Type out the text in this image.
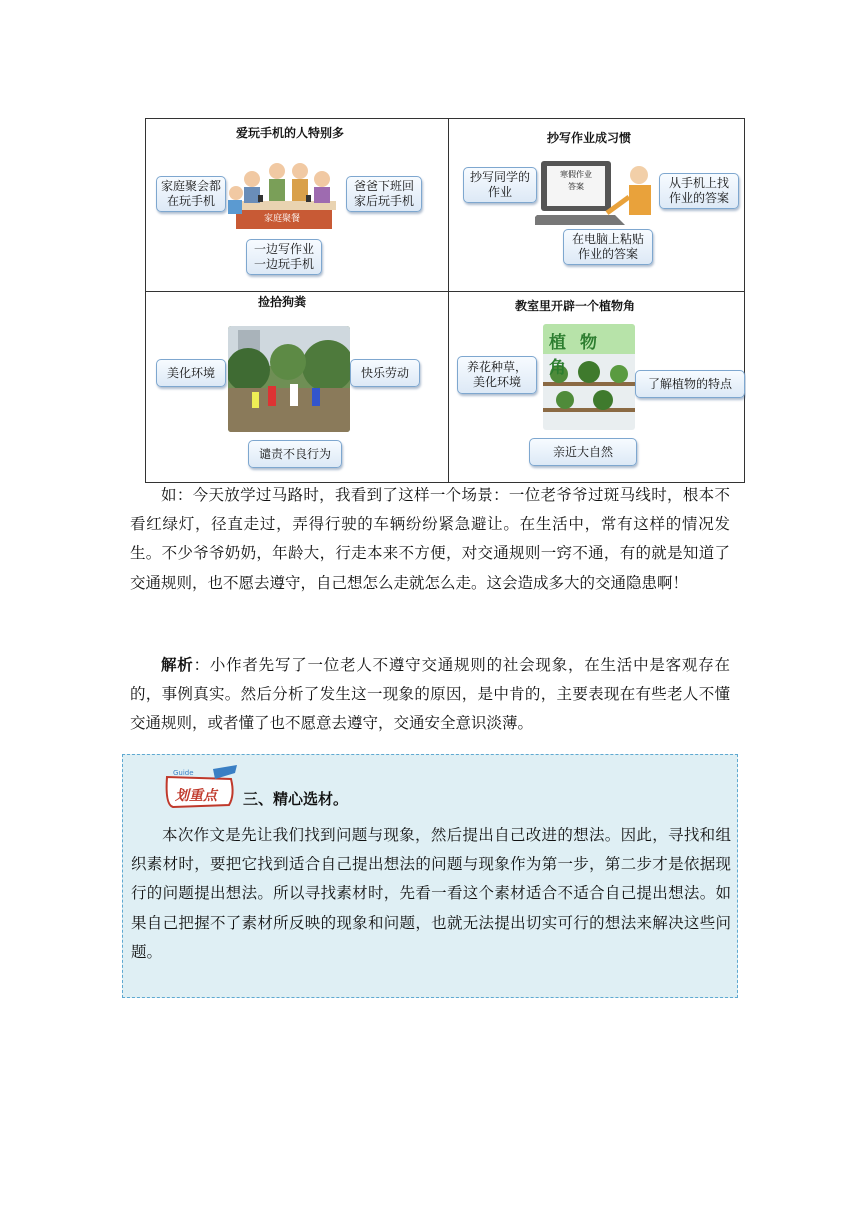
爱玩手机的人特别多
家庭聚餐
家庭聚会都
在玩手机
爸爸下班回
家后玩手机
一边写作业
一边玩手机
抄写作业成习惯
寒假作业
答案
抄写同学的
作业
从手机上找
作业的答案
在电脑上粘贴
作业的答案
捡拾狗粪
美化环境	快乐劳动
谴责不良行为
教室里开辟一个植物角
植物角
养花种草，
美化环境	了解植物的特点
亲近大自然
如：今天放学过马路时，我看到了这样一个场景：一位老爷爷过斑马线时，根本不看红绿灯，径直走过，弄得行驶的车辆纷纷紧急避让。在生活中，常有这样的情况发生。不少爷爷奶奶，年龄大，行走本来不方便，对交通规则一窍不通，有的就是知道了交通规则，也不愿去遵守，自己想怎么走就怎么走。这会造成多大的交通隐患啊！
解析：小作者先写了一位老人不遵守交通规则的社会现象，在生活中是客观存在的，事例真实。然后分析了发生这一现象的原因，是中肯的，主要表现在有些老人不懂交通规则，或者懂了也不愿意去遵守，交通安全意识淡薄。
Guide
划重点 三、精心选材。
本次作文是先让我们找到问题与现象，然后提出自己改进的想法。因此，寻找和组织素材时，要把它找到适合自己提出想法的问题与现象作为第一步，第二步才是依据现行的问题提出想法。所以寻找素材时，先看一看这个素材适合不适合自己提出想法。如果自己把握不了素材所反映的现象和问题，也就无法提出切实可行的想法来解决这些问题。
